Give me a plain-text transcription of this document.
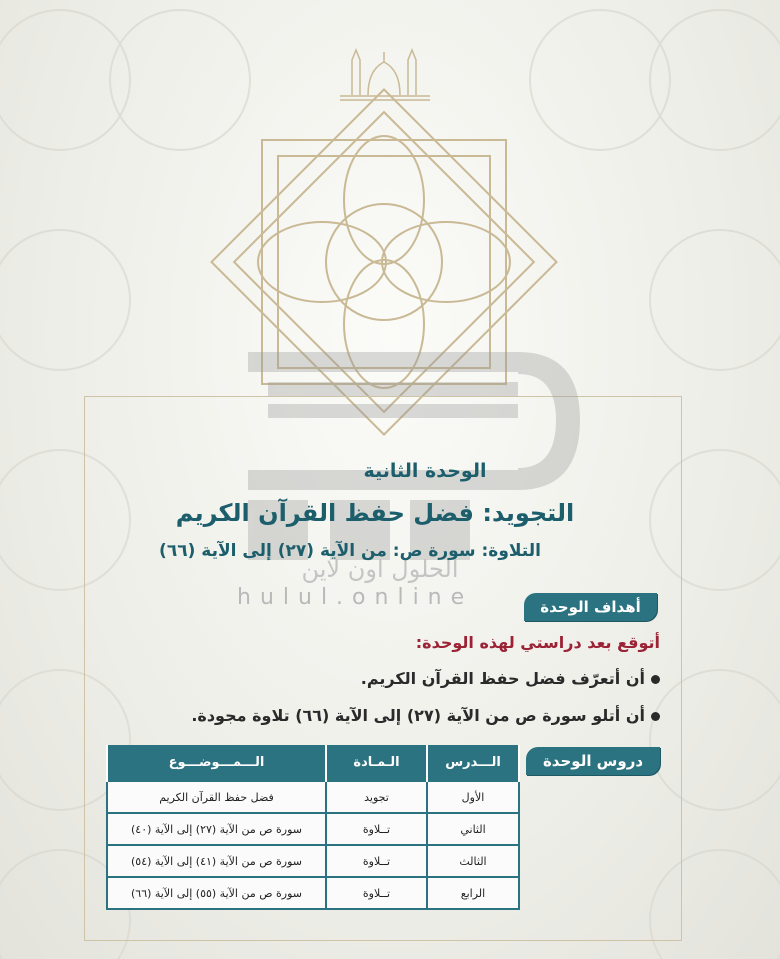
الحلول اون لاين
hulul.online
الوحدة الثانية
التجويد: فضل حفظ القرآن الكريم
التلاوة: سورة ص: من الآية (٢٧) إلى الآية (٦٦)
أهداف الوحدة
أتوقع بعد دراستي لهذه الوحدة:
أن أتعرّف فضل حفظ القرآن الكريم.
أن أتلو سورة ص من الآية (٢٧) إلى الآية (٦٦) تلاوة مجودة.
دروس الوحدة
الـــدرس	الـمـادة	الـــمـــوضـــوع
الأول	تجويد	فضل حفظ القرآن الكريم
الثاني	تــلاوة	سورة ص من الآية (٢٧) إلى الآية (٤٠)
الثالث	تــلاوة	سورة ص من الآية (٤١) إلى الآية (٥٤)
الرابع	تــلاوة	سورة ص من الآية (٥٥) إلى الآية (٦٦)
